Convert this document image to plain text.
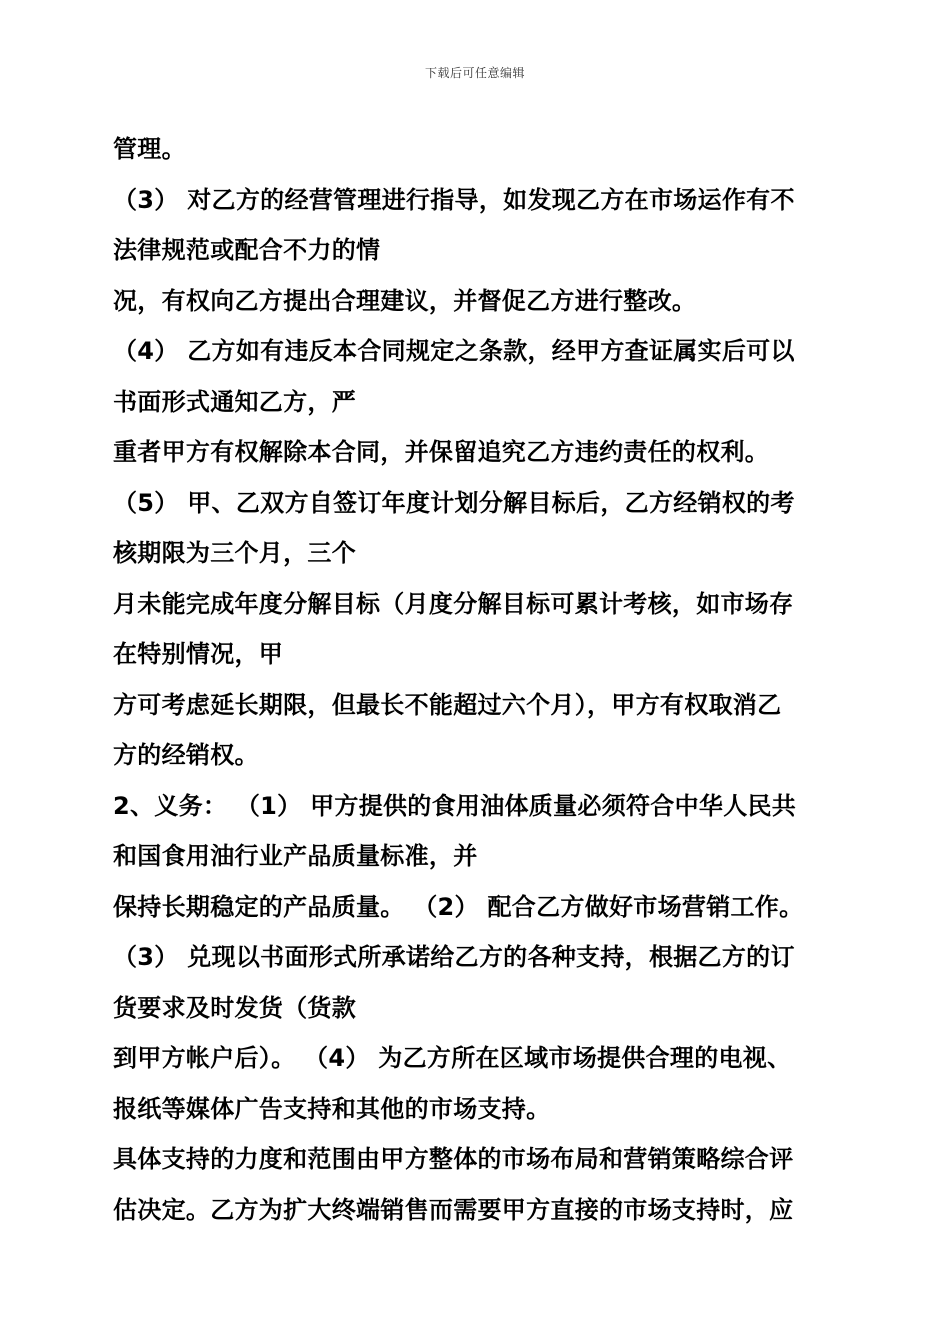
下载后可任意编辑
管理。
（3） 对乙方的经营管理进行指导，如发现乙方在市场运作有不
法律规范或配合不力的情
况，有权向乙方提出合理建议，并督促乙方进行整改。
（4） 乙方如有违反本合同规定之条款，经甲方查证属实后可以
书面形式通知乙方，严
重者甲方有权解除本合同，并保留追究乙方违约责任的权利。
（5） 甲、乙双方自签订年度计划分解目标后，乙方经销权的考
核期限为三个月，三个
月未能完成年度分解目标（月度分解目标可累计考核，如市场存
在特别情况，甲
方可考虑延长期限，但最长不能超过六个月），甲方有权取消乙
方的经销权。
2、义务： （1） 甲方提供的食用油体质量必须符合中华人民共
和国食用油行业产品质量标准，并
保持长期稳定的产品质量。 （2） 配合乙方做好市场营销工作。
（3） 兑现以书面形式所承诺给乙方的各种支持，根据乙方的订
货要求及时发货（货款
到甲方帐户后）。 （4） 为乙方所在区域市场提供合理的电视、
报纸等媒体广告支持和其他的市场支持。
具体支持的力度和范围由甲方整体的市场布局和营销策略综合评
估决定。乙方为扩大终端销售而需要甲方直接的市场支持时，应
